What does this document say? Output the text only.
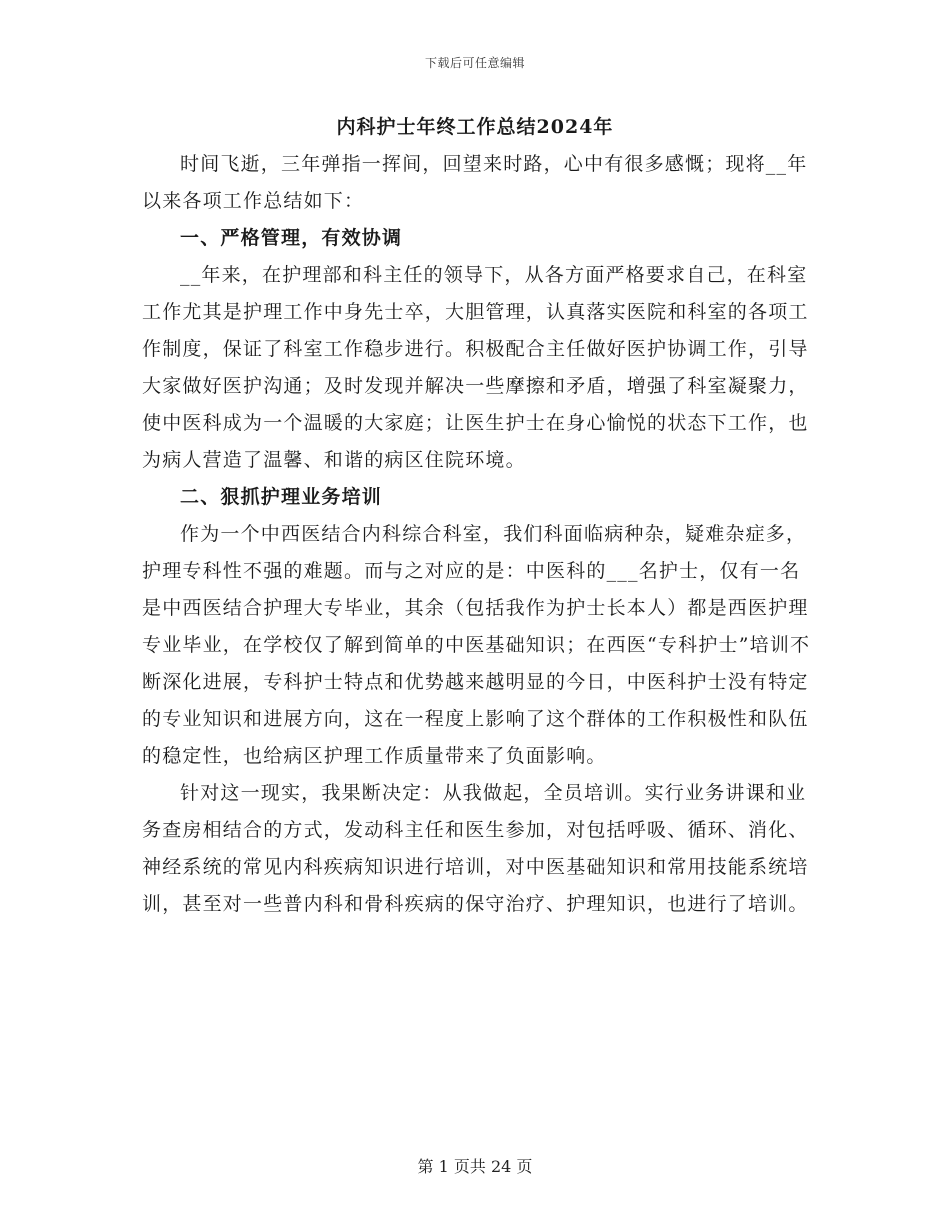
下载后可任意编辑
内科护士年终工作总结2024年

时间飞逝，三年弹指一挥间，回望来时路，心中有很多感慨；现将__年以来各项工作总结如下：

一、严格管理，有效协调

__年来，在护理部和科主任的领导下，从各方面严格要求自己，在科室工作尤其是护理工作中身先士卒，大胆管理，认真落实医院和科室的各项工作制度，保证了科室工作稳步进行。积极配合主任做好医护协调工作，引导大家做好医护沟通；及时发现并解决一些摩擦和矛盾，增强了科室凝聚力，使中医科成为一个温暖的大家庭；让医生护士在身心愉悦的状态下工作，也为病人营造了温馨、和谐的病区住院环境。

二、狠抓护理业务培训

作为一个中西医结合内科综合科室，我们科面临病种杂，疑难杂症多，护理专科性不强的难题。而与之对应的是：中医科的___名护士，仅有一名是中西医结合护理大专毕业，其余（包括我作为护士长本人）都是西医护理专业毕业，在学校仅了解到简单的中医基础知识；在西医“专科护士”培训不断深化进展，专科护士特点和优势越来越明显的今日，中医科护士没有特定的专业知识和进展方向，这在一程度上影响了这个群体的工作积极性和队伍的稳定性，也给病区护理工作质量带来了负面影响。

针对这一现实，我果断决定：从我做起，全员培训。实行业务讲课和业务查房相结合的方式，发动科主任和医生参加，对包括呼吸、循环、消化、神经系统的常见内科疾病知识进行培训，对中医基础知识和常用技能系统培训，甚至对一些普内科和骨科疾病的保守治疗、护理知识，也进行了培训。

第 1 页共 24 页
